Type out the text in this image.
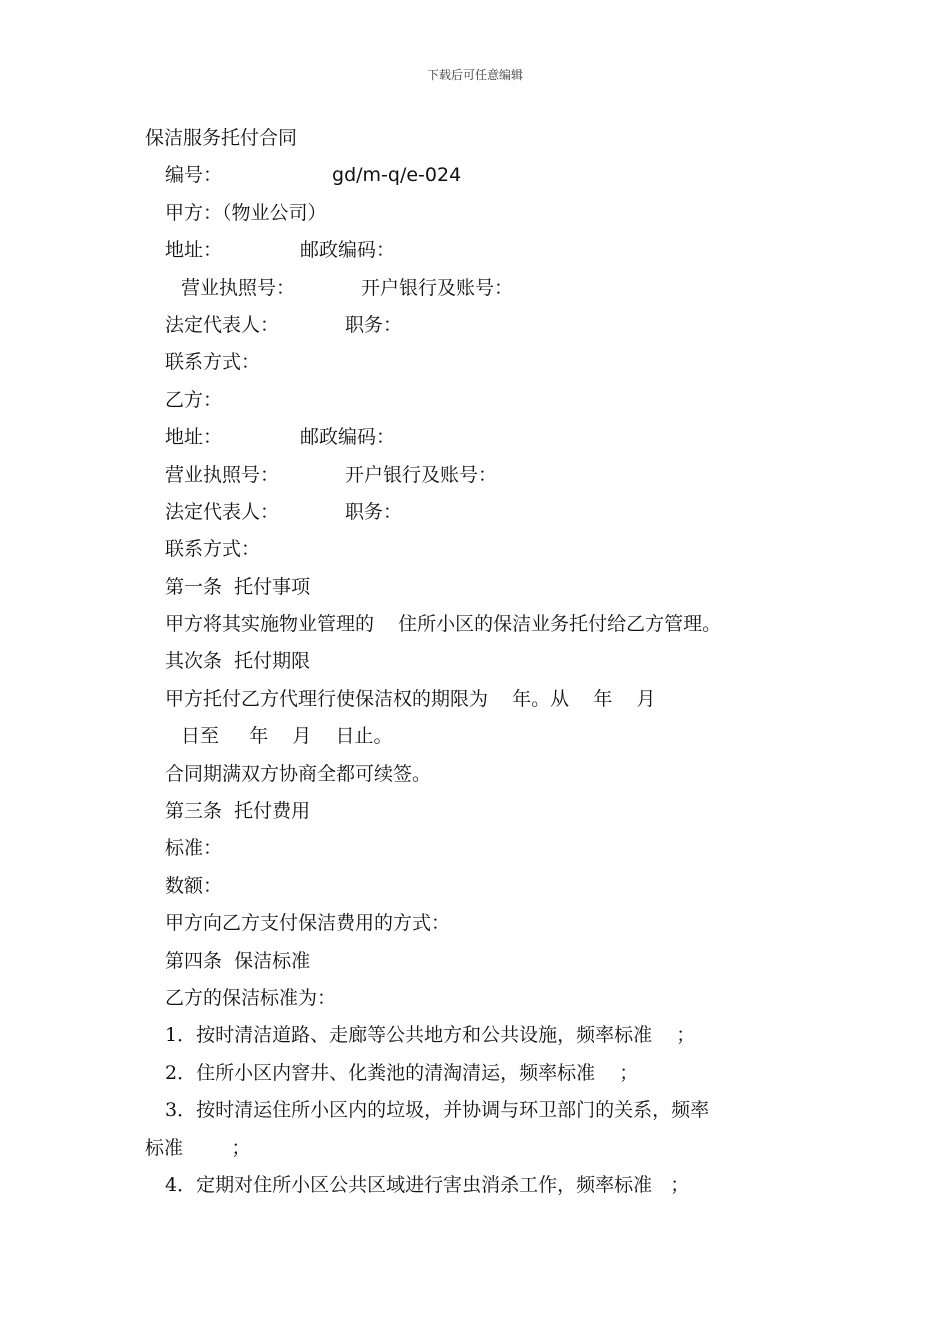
下载后可任意编辑
保洁服务托付合同
编号：	gd/m-q/e-024
甲方：（物业公司）
地址：	邮政编码：
营业执照号：	开户银行及账号：
法定代表人：	职务：
联系方式：
乙方：
地址：	邮政编码：
营业执照号：	开户银行及账号：
法定代表人：	职务：
联系方式：
第一条  托付事项
甲方将其实施物业管理的    住所小区的保洁业务托付给乙方管理。
其次条  托付期限
甲方托付乙方代理行使保洁权的期限为    年。从    年    月
日至     年    月    日止。
合同期满双方协商全都可续签。
第三条  托付费用
标准：
数额：
甲方向乙方支付保洁费用的方式：
第四条  保洁标准
乙方的保洁标准为：
1．按时清洁道路、走廊等公共地方和公共设施，频率标准    ；
2．住所小区内窨井、化粪池的清淘清运，频率标准    ；
3．按时清运住所小区内的垃圾，并协调与环卫部门的关系，频率
标准        ；
4．定期对住所小区公共区域进行害虫消杀工作，频率标准   ；
